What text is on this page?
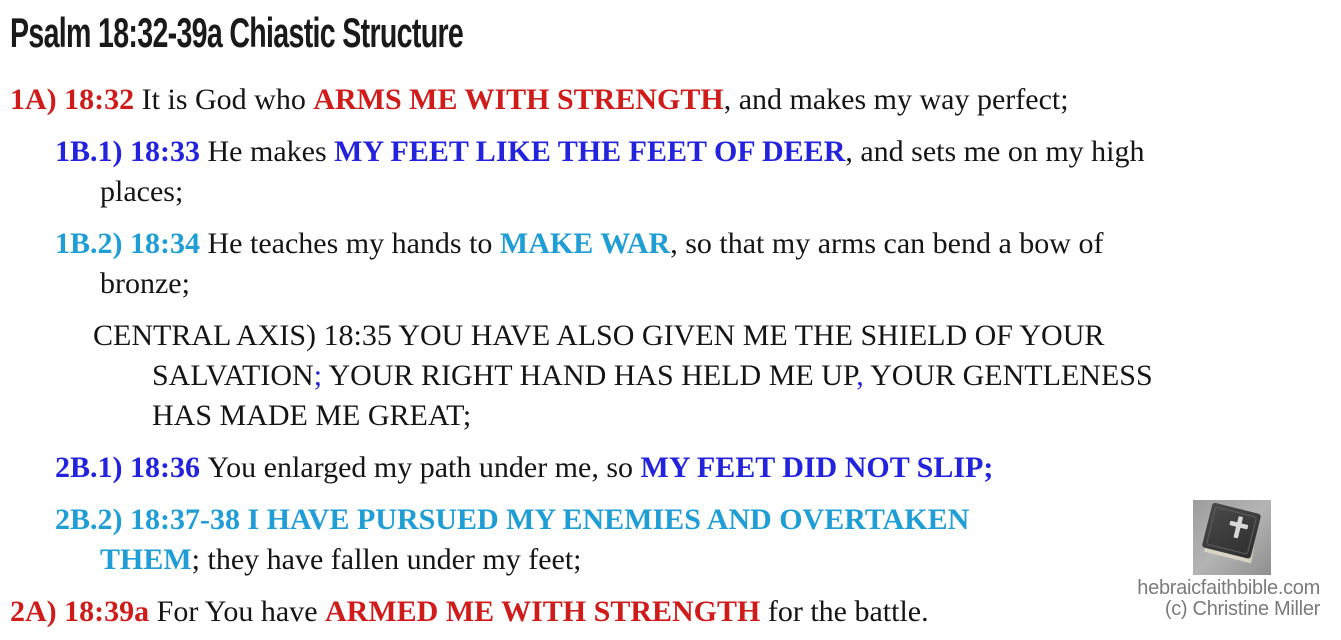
Psalm 18:32-39a Chiastic Structure

1A) 18:32 It is God who ARMS ME WITH STRENGTH, and makes my way perfect;

1B.1) 18:33 He makes MY FEET LIKE THE FEET OF DEER, and sets me on my high
places;

1B.2) 18:34 He teaches my hands to MAKE WAR, so that my arms can bend a bow of
bronze;

CENTRAL AXIS) 18:35 YOU HAVE ALSO GIVEN ME THE SHIELD OF YOUR
SALVATION; YOUR RIGHT HAND HAS HELD ME UP, YOUR GENTLENESS
HAS MADE ME GREAT;

2B.1) 18:36 You enlarged my path under me, so MY FEET DID NOT SLIP;

2B.2) 18:37-38 I HAVE PURSUED MY ENEMIES AND OVERTAKEN
THEM; they have fallen under my feet;

2A) 18:39a For You have ARMED ME WITH STRENGTH for the battle.

hebraicfaithbible.com
(c) Christine Miller
